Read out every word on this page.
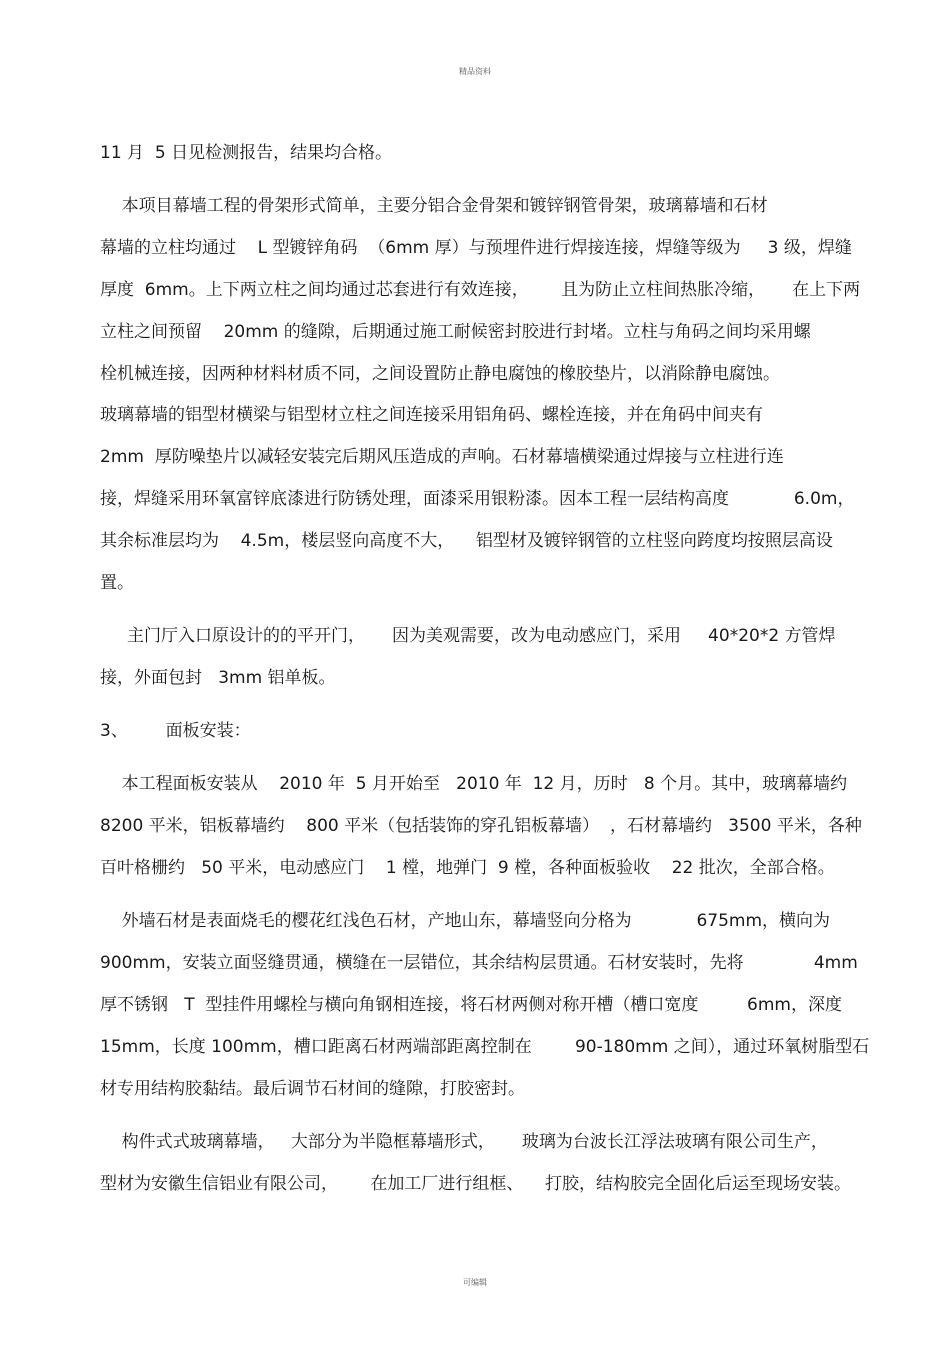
精品资料
11 月  5 日见检测报告，结果均合格。
本项目幕墙工程的骨架形式简单，主要分铝合金骨架和镀锌钢管骨架，玻璃幕墙和石材
幕墙的立柱均通过    L 型镀锌角码  （6mm 厚）与预埋件进行焊接连接，焊缝等级为     3 级，焊缝
厚度  6mm。上下两立柱之间均通过芯套进行有效连接，      且为防止立柱间热胀冷缩，     在上下两
立柱之间预留    20mm 的缝隙，后期通过施工耐候密封胶进行封堵。立柱与角码之间均采用螺
栓机械连接，因两种材料材质不同，之间设置防止静电腐蚀的橡胶垫片，以消除静电腐蚀。
玻璃幕墙的铝型材横梁与铝型材立柱之间连接采用铝角码、螺栓连接，并在角码中间夹有
2mm  厚防噪垫片以减轻安装完后期风压造成的声响。石材幕墙横梁通过焊接与立柱进行连
接，焊缝采用环氧富锌底漆进行防锈处理，面漆采用银粉漆。因本工程一层结构高度            6.0m，
其余标准层均为    4.5m，楼层竖向高度不大，    铝型材及镀锌钢管的立柱竖向跨度均按照层高设
置。
主门厅入口原设计的的平开门，     因为美观需要，改为电动感应门，采用     40*20*2 方管焊
接，外面包封   3mm 铝单板。
3、       面板安装：
本工程面板安装从    2010 年  5 月开始至   2010 年  12 月，历时   8 个月。其中，玻璃幕墙约
8200 平米，铝板幕墙约    800 平米（包括装饰的穿孔铝板幕墙）  ，石材幕墙约   3500 平米，各种
百叶格栅约   50 平米，电动感应门    1 樘，地弹门  9 樘，各种面板验收    22 批次，全部合格。
外墙石材是表面烧毛的樱花红浅色石材，产地山东，幕墙竖向分格为            675mm，横向为
900mm，安装立面竖缝贯通，横缝在一层错位，其余结构层贯通。石材安装时，先将             4mm
厚不锈钢   T  型挂件用螺栓与横向角钢相连接，将石材两侧对称开槽（槽口宽度         6mm，深度
15mm，长度 100mm，槽口距离石材两端部距离控制在        90-180mm 之间），通过环氧树脂型石
材专用结构胶黏结。最后调节石材间的缝隙，打胶密封。
构件式式玻璃幕墙，   大部分为半隐框幕墙形式，     玻璃为台波长江浮法玻璃有限公司生产，
型材为安徽生信铝业有限公司，      在加工厂进行组框、    打胶，结构胶完全固化后运至现场安装。
可编辑
